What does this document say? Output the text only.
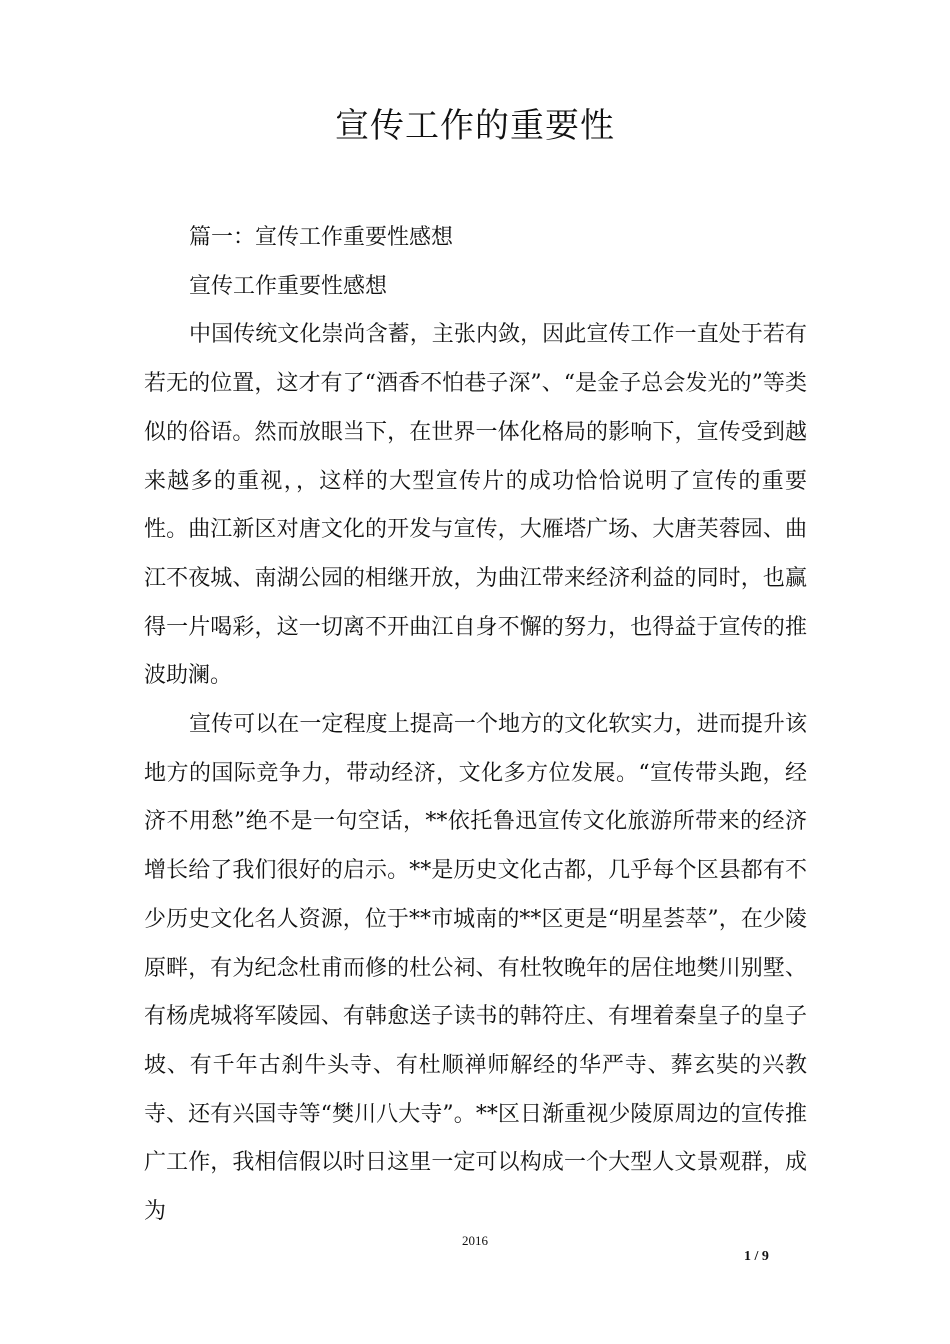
宣传工作的重要性

篇一：宣传工作重要性感想

宣传工作重要性感想

中国传统文化崇尚含蓄，主张内敛，因此宣传工作一直处于若有若无的位置，这才有了“酒香不怕巷子深”、“是金子总会发光的”等类似的俗语。然而放眼当下，在世界一体化格局的影响下，宣传受到越来越多的重视，，这样的大型宣传片的成功恰恰说明了宣传的重要性。曲江新区对唐文化的开发与宣传，大雁塔广场、大唐芙蓉园、曲江不夜城、南湖公园的相继开放，为曲江带来经济利益的同时，也赢得一片喝彩，这一切离不开曲江自身不懈的努力，也得益于宣传的推波助澜。

宣传可以在一定程度上提高一个地方的文化软实力，进而提升该地方的国际竞争力，带动经济，文化多方位发展。“宣传带头跑，经济不用愁”绝不是一句空话，**依托鲁迅宣传文化旅游所带来的经济增长给了我们很好的启示。**是历史文化古都，几乎每个区县都有不少历史文化名人资源，位于**市城南的**区更是“明星荟萃”，在少陵原畔，有为纪念杜甫而修的杜公祠、有杜牧晚年的居住地樊川别墅、有杨虎城将军陵园、有韩愈送子读书的韩符庄、有埋着秦皇子的皇子坡、有千年古刹牛头寺、有杜顺禅师解经的华严寺、葬玄奘的兴教寺、还有兴国寺等“樊川八大寺”。**区日渐重视少陵原周边的宣传推广工作，我相信假以时日这里一定可以构成一个大型人文景观群，成为

2016
1 / 9
